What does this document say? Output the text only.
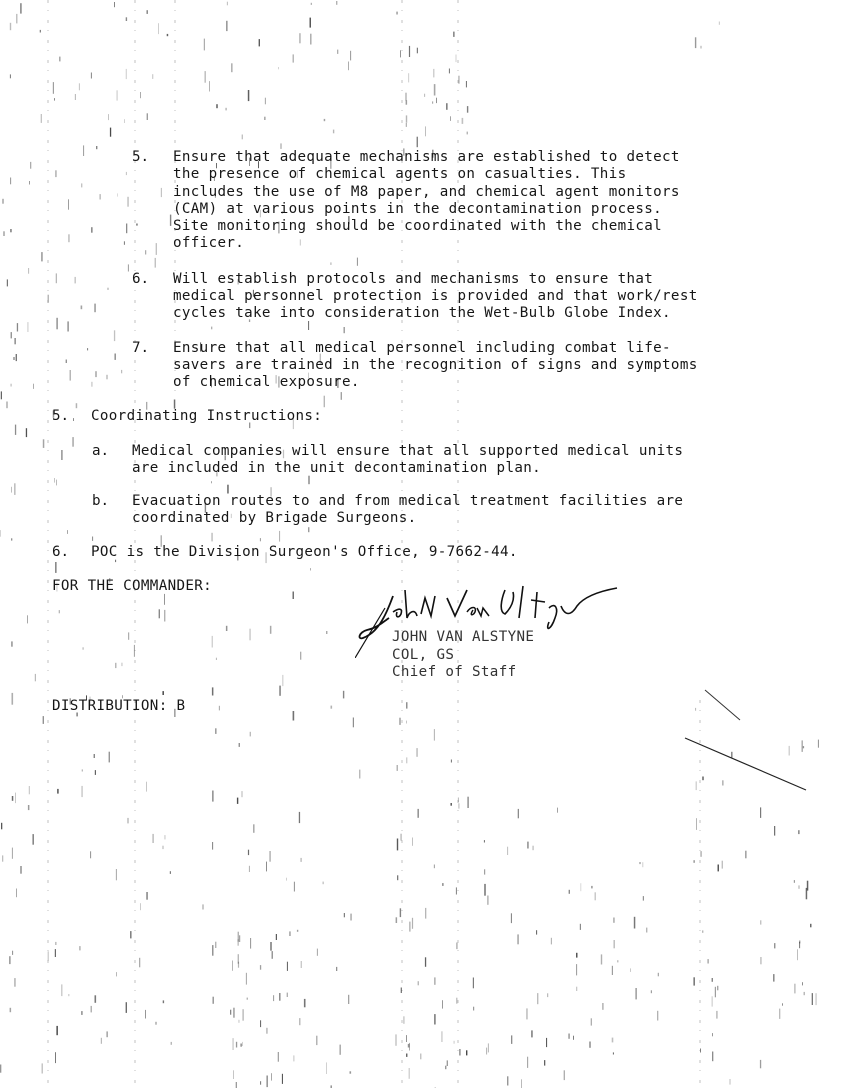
5. Ensure that adequate mechanisms are established to detect
the presence of chemical agents on casualties. This
includes the use of M8 paper, and chemical agent monitors
(CAM) at various points in the decontamination process.
Site monitoring should be coordinated with the chemical
officer.
6. Will establish protocols and mechanisms to ensure that
medical personnel protection is provided and that work/rest
cycles take into consideration the Wet-Bulb Globe Index.
7. Ensure that all medical personnel including combat life-
savers are trained in the recognition of signs and symptoms
of chemical exposure.
5. Coordinating Instructions:
a. Medical companies will ensure that all supported medical units
are included in the unit decontamination plan.
b. Evacuation routes to and from medical treatment facilities are
coordinated by Brigade Surgeons.
6. POC is the Division Surgeon's Office, 9-7662-44.
FOR THE COMMANDER:
JOHN VAN ALSTYNE
COL, GS
Chief of Staff
DISTRIBUTION: B
